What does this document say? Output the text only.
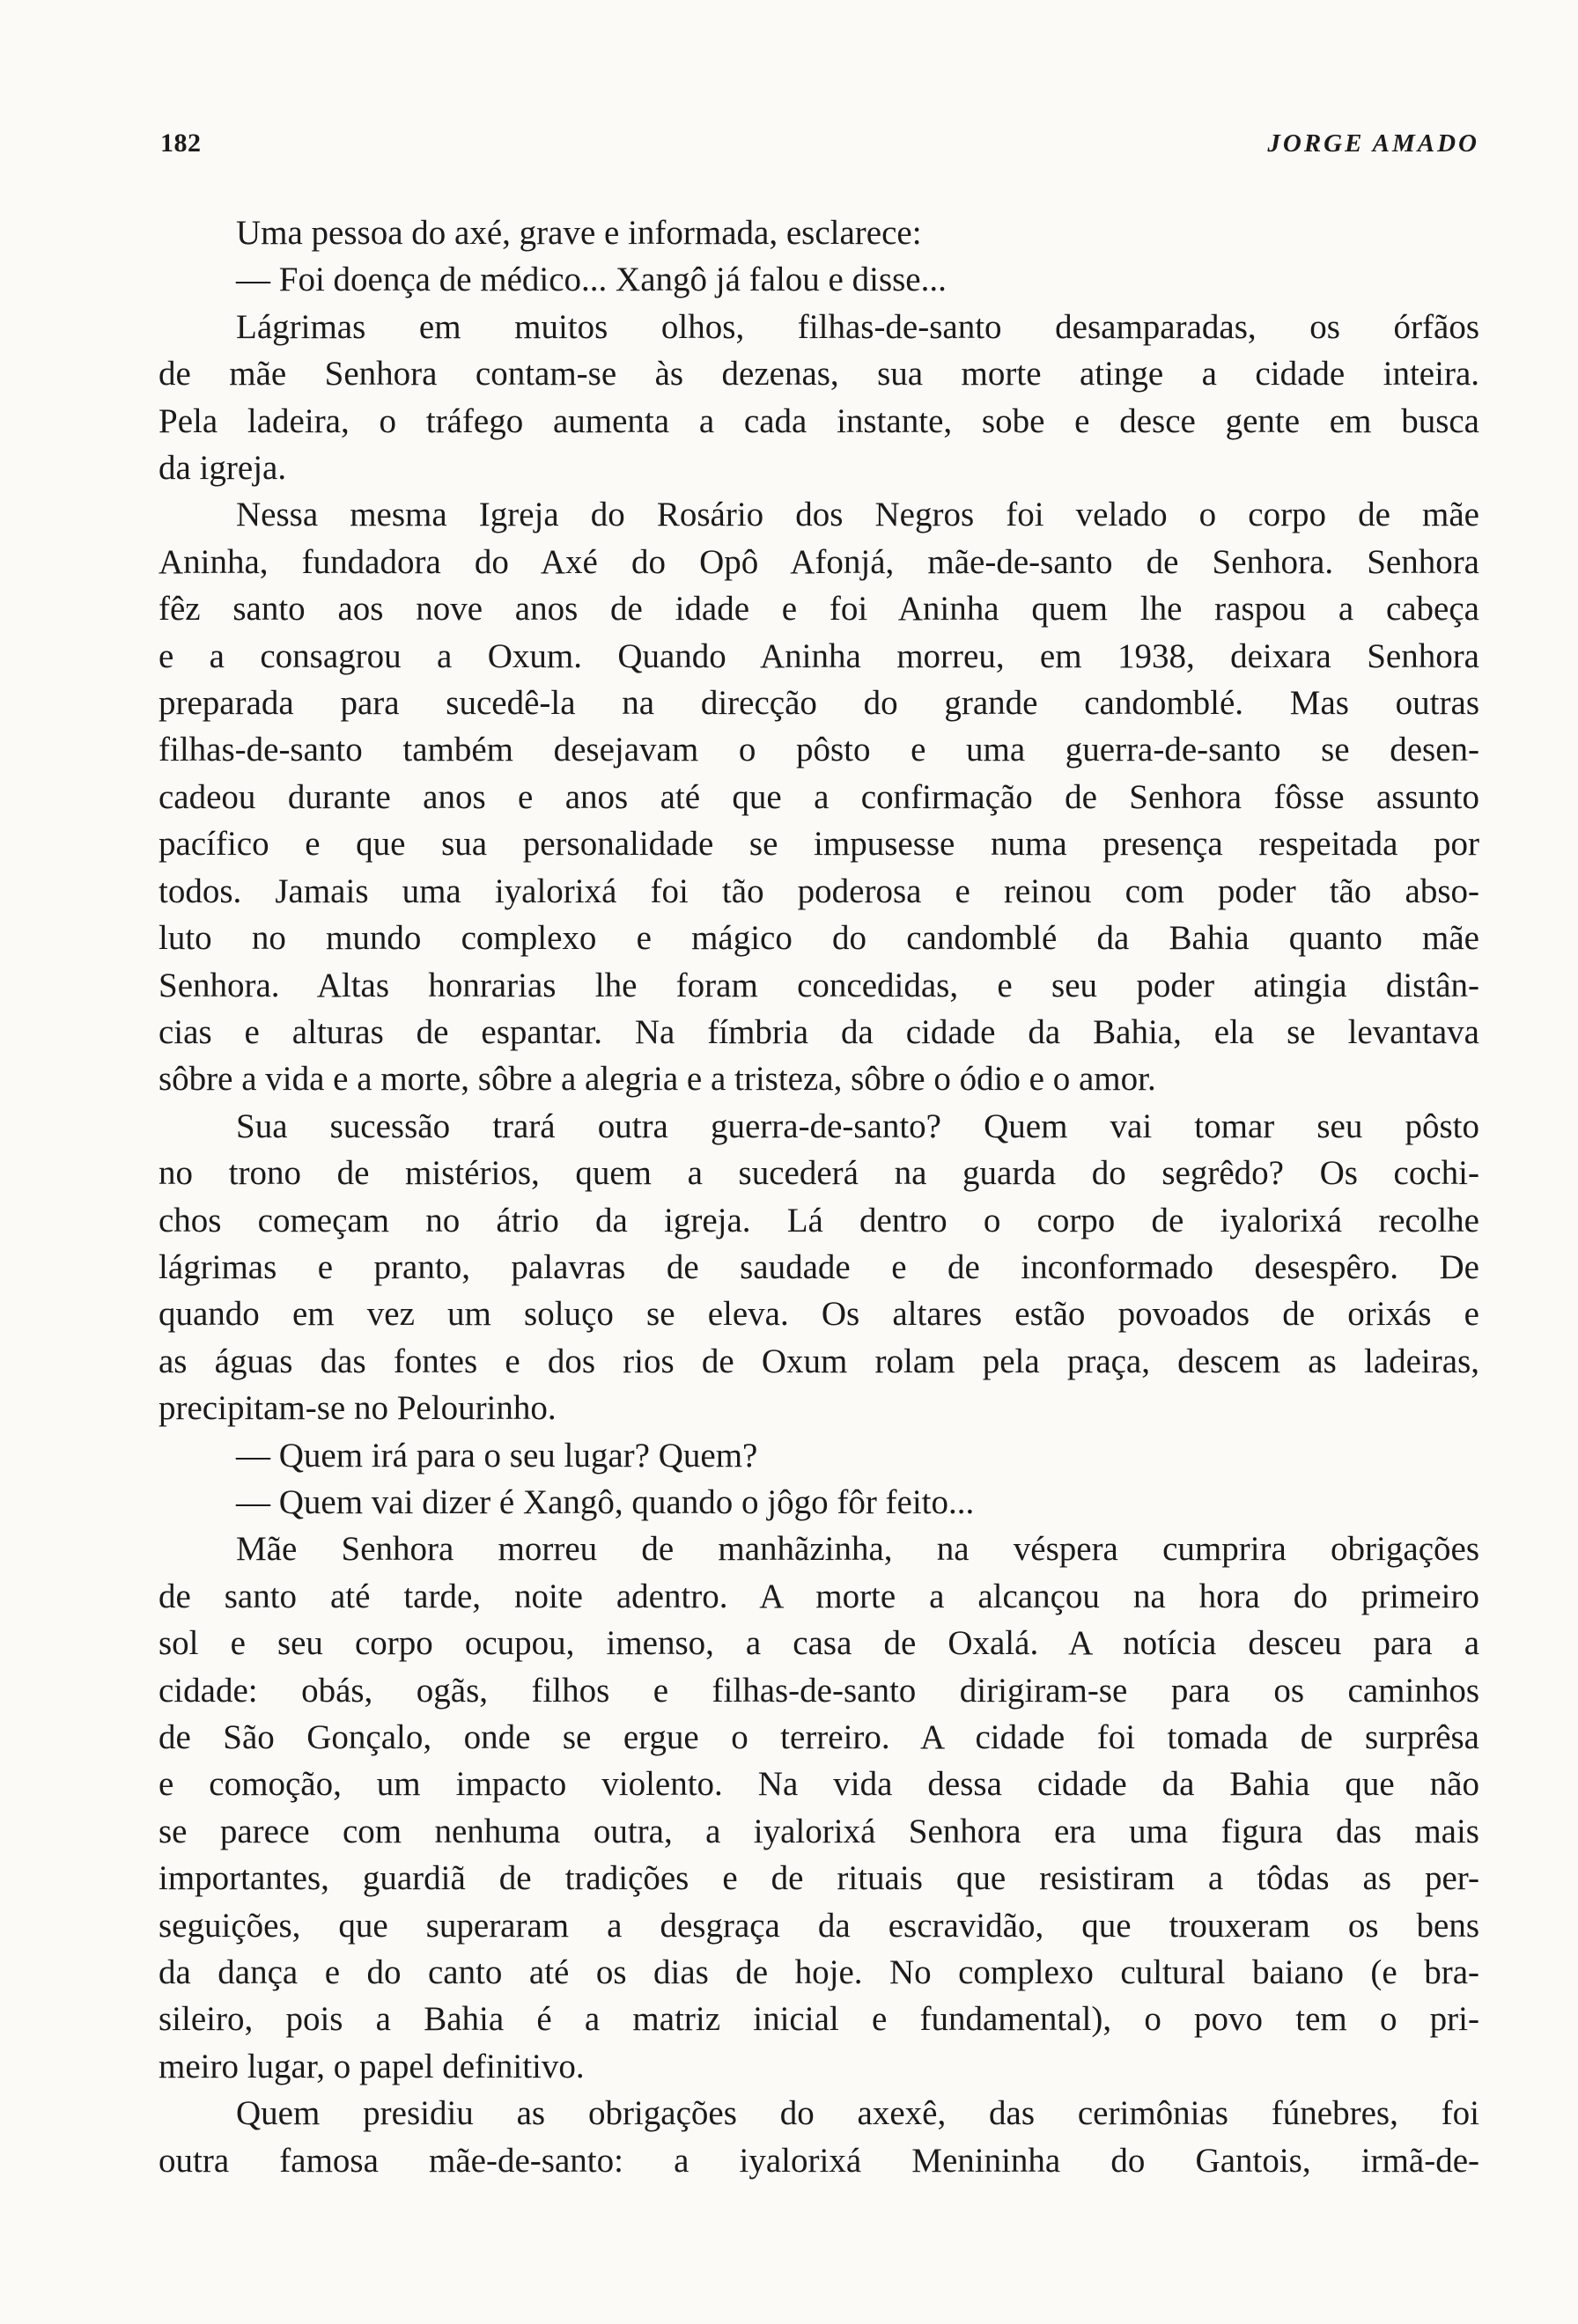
182	JORGE AMADO
Uma pessoa do axé, grave e informada, esclarece:
— Foi doença de médico... Xangô já falou e disse...
Lágrimas em muitos olhos, filhas-de-santo desamparadas, os órfãos
de mãe Senhora contam-se às dezenas, sua morte atinge a cidade inteira.
Pela ladeira, o tráfego aumenta a cada instante, sobe e desce gente em busca
da igreja.
Nessa mesma Igreja do Rosário dos Negros foi velado o corpo de mãe
Aninha, fundadora do Axé do Opô Afonjá, mãe-de-santo de Senhora. Senhora
fêz santo aos nove anos de idade e foi Aninha quem lhe raspou a cabeça
e a consagrou a Oxum. Quando Aninha morreu, em 1938, deixara Senhora
preparada para sucedê-la na direcção do grande candomblé. Mas outras
filhas-de-santo também desejavam o pôsto e uma guerra-de-santo se desen-
cadeou durante anos e anos até que a confirmação de Senhora fôsse assunto
pacífico e que sua personalidade se impusesse numa presença respeitada por
todos. Jamais uma iyalorixá foi tão poderosa e reinou com poder tão abso-
luto no mundo complexo e mágico do candomblé da Bahia quanto mãe
Senhora. Altas honrarias lhe foram concedidas, e seu poder atingia distân-
cias e alturas de espantar. Na fímbria da cidade da Bahia, ela se levantava
sôbre a vida e a morte, sôbre a alegria e a tristeza, sôbre o ódio e o amor.
Sua sucessão trará outra guerra-de-santo? Quem vai tomar seu pôsto
no trono de mistérios, quem a sucederá na guarda do segrêdo? Os cochi-
chos começam no átrio da igreja. Lá dentro o corpo de iyalorixá recolhe
lágrimas e pranto, palavras de saudade e de inconformado desespêro. De
quando em vez um soluço se eleva. Os altares estão povoados de orixás e
as águas das fontes e dos rios de Oxum rolam pela praça, descem as ladeiras,
precipitam-se no Pelourinho.
— Quem irá para o seu lugar? Quem?
— Quem vai dizer é Xangô, quando o jôgo fôr feito...
Mãe Senhora morreu de manhãzinha, na véspera cumprira obrigações
de santo até tarde, noite adentro. A morte a alcançou na hora do primeiro
sol e seu corpo ocupou, imenso, a casa de Oxalá. A notícia desceu para a
cidade: obás, ogãs, filhos e filhas-de-santo dirigiram-se para os caminhos
de São Gonçalo, onde se ergue o terreiro. A cidade foi tomada de surprêsa
e comoção, um impacto violento. Na vida dessa cidade da Bahia que não
se parece com nenhuma outra, a iyalorixá Senhora era uma figura das mais
importantes, guardiã de tradições e de rituais que resistiram a tôdas as per-
seguições, que superaram a desgraça da escravidão, que trouxeram os bens
da dança e do canto até os dias de hoje. No complexo cultural baiano (e bra-
sileiro, pois a Bahia é a matriz inicial e fundamental), o povo tem o pri-
meiro lugar, o papel definitivo.
Quem presidiu as obrigações do axexê, das cerimônias fúnebres, foi
outra famosa mãe-de-santo: a iyalorixá Menininha do Gantois, irmã-de-
